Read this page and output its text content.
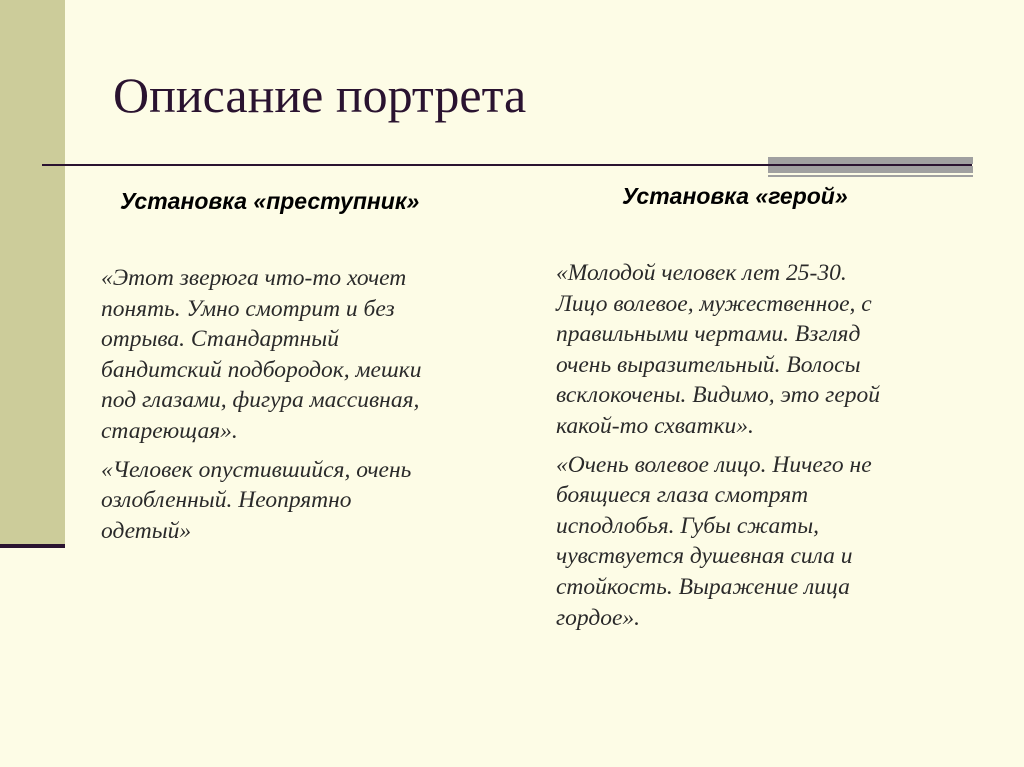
Описание портрета
Установка «преступник»	Установка «герой»

«Этот зверюга что-то хочет
понять. Умно смотрит и без
отрыва. Стандартный
бандитский подбородок, мешки
под глазами, фигура массивная,
стареющая».

«Человек опустившийся, очень
озлобленный. Неопрятно
одетый»

«Молодой человек лет 25-30.
Лицо волевое, мужественное, с
правильными чертами. Взгляд
очень выразительный. Волосы
всклокочены. Видимо, это герой
какой-то схватки».

«Очень волевое лицо. Ничего не
боящиеся глаза смотрят
исподлобья. Губы сжаты,
чувствуется душевная сила и
стойкость. Выражение лица
гордое».
